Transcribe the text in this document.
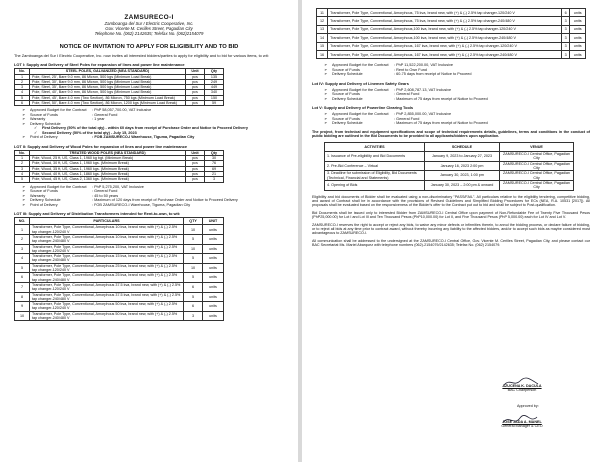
ZAMSURECO-I
Zamboanga del Sur I Electric Cooperative, Inc.
Gov. Vicente M. Cerilles Street, Pagadian City
Telephone No. (062) 2142635; Telefax No. (062)2154079
NOTICE OF INVITATION TO APPLY FOR ELIGIBILITY AND TO BID
The Zamboanga del Sur I Electric Cooperative, Inc. now invites all interested bidders/parties to apply for eligibility and to bid for various items, to wit:
LOT I: Supply and Delivery of Steel Poles for expansion of lines and power line maintenance
No.	STEEL POLES, GALVANIZED (NEA STANDARD)	Unit	Qty
1	Pole, Steel, 25', Bare 9.0 mm, 86 Micron, 500 kgs (Minimum Load Break)	pcs	135
2	Pole, Steel, 30', Bare 9.0 mm, 86 Micron, 500 kgs (Minimum Load Break)	pcs	249
3	Pole, Steel, 35', Bare 9.0 mm, 86 Micron, 500 kgs (Minimum Load Break)	pcs	449
4	Pole, Steel, 40', Bare 9.0 mm, 86 Micron, 500 kgs (Minimum Load Break)	pcs	340
5	Pole, Steel, 45', Bare 4.0 mm (Two Section), 86 Micron, 750 kgs (Minimum Load Break)	pcs	150
6	Pole, Steel, 50', Bare 4.0 mm (Two Section), 86 Micron, 1200 kgs (Minimum Load Break)	pcs	59
➢	Approved Budget for the Contract	: PhP 58,057,700.00, VAT Inclusive
➢	Source of Funds	: General Fund
➢	Warranty	: 1 year
➢	Delivery Schedule
✓	First Delivery (50% of the total qty) - within 60 days from receipt of Purchase Order and Notice to Proceed Delivery
✓	Second Delivery (50% of the total qty) - July 15, 2023
➢	Point of Delivery	: FOB ZAMSURECO-I Warehouse, Tiguma, Pagadian City
LOT II: Supply and Delivery of Wood Poles for expansion of lines and power line maintenance
No.	TREATED WOOD POLES (NEA STANDARD)	Unit	Qty
1	Pole, Wood, 25 ft, US, Class 1, 1960 kg bgt. (Minimum Break)	pcs	30
2	Pole, Wood, 30 ft, US, Class 1, 1960 kgs. (Minimum Break)	pcs	76
3	Pole, Wood, 35 ft, US, Class 1, 1960 kgs. (Minimum Break)	pcs	69
4	Pole, Wood, 40 ft, US, Class 1, 1860 kgs. (Minimum Break)	pcs	21
5	Pole, Wood, 45 ft, US, Class 2, 1360 kgs. (Minimum Break)	pcs	3
➢	Approved Budget for the Contract	: PhP 5,275,200, VAT Inclusive
➢	Source of Funds	: General Fund
➢	Warranty	: 45 to 50 years
➢	Delivery Schedule	: Maximum of 120 days from receipt of Purchase Order and Notice to Proceed Delivery
➢	Point of Delivery	: FOB ZAMSURECO-I Warehouse, Tiguma, Pagadian City
LOT III: Supply and Delivery of Distribution Transformers intended for Rent-to-own, to wit:
NO.	PARTICULARS	QTY	UNIT
1	Transformer, Pole Type, Conventional, Amorphous 10 kva, brand new, with (+) & (-) 2.5% tap changer-120/240 V	10	units
2	Transformer, Pole Type, Conventional, Amorphous 10 kva, brand new, with (+) & (-) 2.5% tap changer-240/480 V	5	units
3	Transformer, Pole Type, Conventional, Amorphous 15 kva, brand new, with (+) & (-) 2.5% tap changer-120/240 V	10	units
4	Transformer, Pole Type, Conventional, Amorphous 15 kva, brand new, with (+) & (-) 2.5% tap changer-240/480 V	5	units
5	Transformer, Pole Type, Conventional, Amorphous 25 kva, brand new, with (+) & (-) 2.5% tap changer-120/240 V	10	units
6	Transformer, Pole Type, Conventional, Amorphous 25 kva, brand new, with (+) & (-) 2.5% tap changer-240/480 V	5	units
7	Transformer, Pole Type, Conventional, Amorphous 37.5 kva, brand new, with (+) & (-) 2.5% tap changer-120/240 V	6	units
8	Transformer, Pole Type, Conventional, Amorphous 37.5 kva, brand new, with (+) & (-) 2.5% tap changer-240/480 V	5	units
9	Transformer, Pole Type, Conventional, Amorphous 50 kva, brand new, with (+) & (-) 2.5% tap changer-120/240 V	6	units
10	Transformer, Pole Type, Conventional, Amorphous 50 kva, brand new, with (+) & (-) 2.5% tap changer-240/480 V	3	units
11	Transformer, Pole Type, Conventional, Amorphous, 75 kva, brand new, with (+) & (-) 2.5% tap changer-120/240 V	6	units
12	Transformer, Pole Type, Conventional, Amorphous, 75 kva, brand new, with (+) & (-) 2.5% tap changer-240/480 V	3	units
13	Transformer, Pole Type, Conventional, Amorphous,100 kva, brand new, with (+) & (-) 2.5% tap changer-120/240 V	3	units
14	Transformer, Pole Type, Conventional, Amorphous,100 kva, brand new, with (+) & (-) 2.5% tap changer-240/480 V	3	units
15	Transformer, Pole Type, Conventional, Amorphous, 167 kva, brand new, with (+) & (-) 2.5% tap changer-120/240 V	3	units
16	Transformer, Pole Type, Conventional, Amorphous, 167 kva, brand new, with (+) & (-) 2.5% tap changer-240/480 V	3	units
➢	Approved Budget for the Contract	: PhP 11,522,200.00, VAT Inclusive
➢	Source of Funds	: Rent to Own Fund
➢	Delivery Schedule	: 60-75 days from receipt of Notice to Proceed
Lot IV: Supply and Delivery of Linemen Safety Gears
➢	Approved Budget for the Contract	: PhP 2,608,787.13, VAT Inclusive
➢	Source of Funds	: General Fund
➢	Delivery Schedule	: Maximum of 75 days from receipt of Notice to Proceed
Lot V: Supply and Delivery of Powerline Clearing Tools
➢	Approved Budget for the Contract	: PhP 2,855,000.00, VAT Inclusive
➢	Source of Funds	: General Fund
➢	Delivery Schedule	: Maximum of 75 days from receipt of Notice to Proceed
The project, from technical and equipment specifications and scope of technical requirements details, guidelines, terms and conditions in the conduct of public bidding are outlined in the Bid Documents to be provided to all applicants/bidders upon application.
ACTIVITIES	SCHEDULE	VENUE
1. Issuance of Pre-eligibility and Bid Documents	January 9, 2023 to January 27, 2023	ZAMSURECO-I Central Office, Pagadian City
2. Pre-Bid Conference – Virtual	January 16, 2023 2:00 pm	ZAMSURECO-I Central Office, Pagadian City
3. Deadline for submission of Eligibility, Bid Documents (Technical, Financial and Statements)	January 30, 2023, 1:00 pm	ZAMSURECO-I Central Office, Pagadian City
4. Opening of Bids	January 30, 2023 – 2:00 pm & onward	ZAMSURECO-I Central Office, Pagadian City
Eligibility and bid documents of Bidder shall be evaluated using a non-discriminatory "PASS/FAIL". All particulars relative to the eligibility tendering, competitive bidding, and award of Contract shall be in accordance with the provisions of Revised Guidelines and Simplified Bidding Procedures for ECs (NEA, R.A. 10531 [2017]). All proposals shall be evaluated based on the responsiveness of the Bidder's offer to the Contract put out to bid and shall be subject to Post-qualification.
Bid Documents shall be issued only to interested Bidder from ZAMSURECO-I Central Office upon payment of Non-Refundable Fee of Twenty Five Thousand Pesos (PhP25,000.00) for Lot I and Lot III and Ten Thousand Pesos (PhP10,000.00) for Lot II, and Five Thousand Pesos (PhP 5,000.00) each for Lot IV and Lot V.
ZAMSURECO-I reserves the right to accept or reject any bids, to waive any minor defects or infirmities therein, to annul the bidding process, or declare failure of bidding, or to reject all bids at any time prior to contract award, without thereby incurring any liability to the affected bidders, and/or to accept such bids as maybe considered most advantageous to ZAMSURECO-I.
All communication shall be addressed to the undersigned at the ZAMSURECO-I Central Office, Gov. Vicente M. Cerilles Street, Pagadian City, and please contact our BAC Secretariat Ms. Mariel Abarquez with telephone numbers (062)-2154079/2142635; Telefax No. (062) 2154079.
AZUCENA K. DACULA
BAC Chairperson
Approved by:
JOSE JADA A. MANEL
General Manager & CEO
